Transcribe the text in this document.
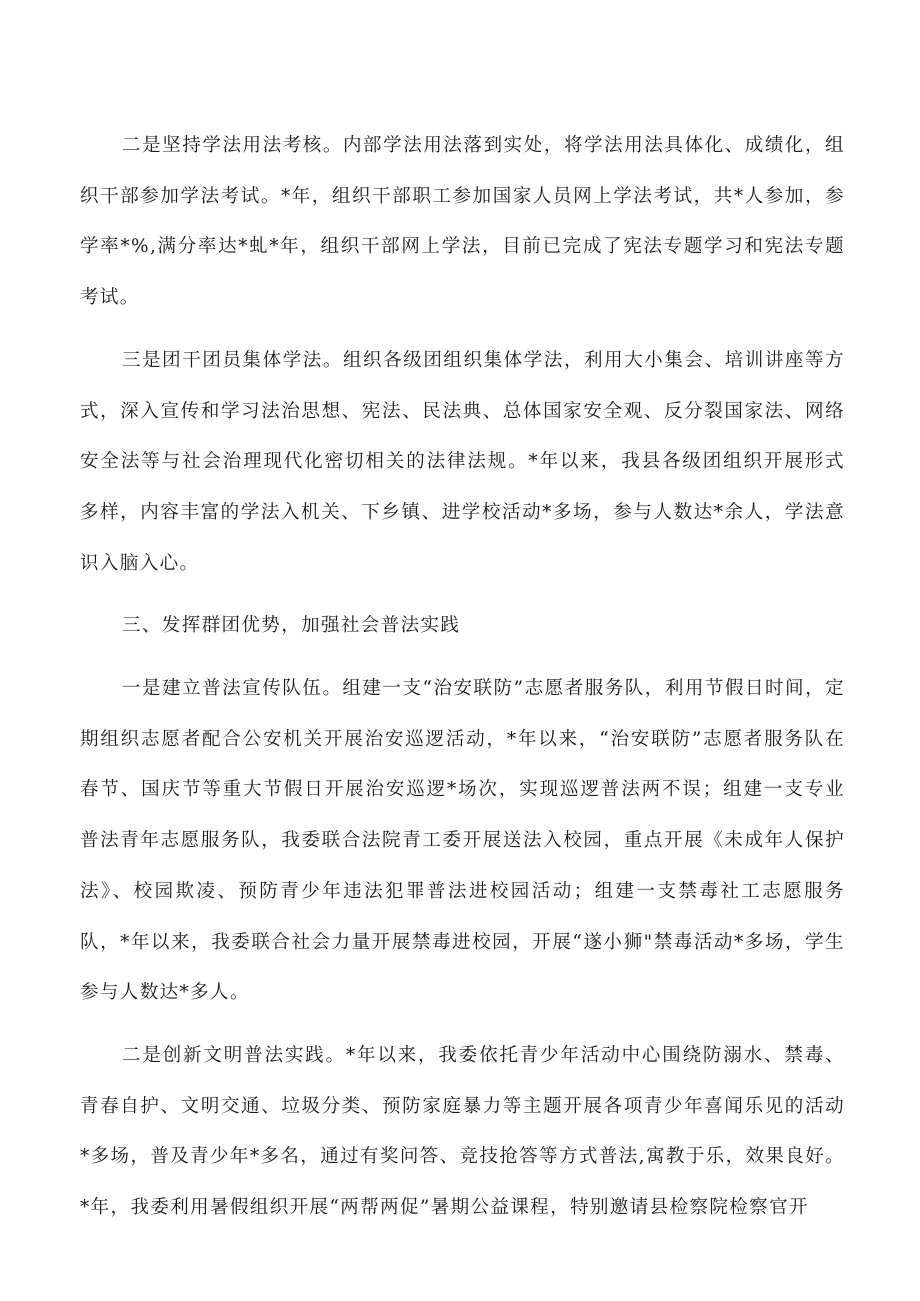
二是坚持学法用法考核。内部学法用法落到实处，将学法用法具体化、成绩化，组织干部参加学法考试。*年，组织干部职工参加国家人员网上学法考试，共*人参加，参学率*%,满分率达*虬*年，组织干部网上学法，目前已完成了宪法专题学习和宪法专题考试。

三是团干团员集体学法。组织各级团组织集体学法，利用大小集会、培训讲座等方式，深入宣传和学习法治思想、宪法、民法典、总体国家安全观、反分裂国家法、网络安全法等与社会治理现代化密切相关的法律法规。*年以来，我县各级团组织开展形式多样，内容丰富的学法入机关、下乡镇、进学校活动*多场，参与人数达*余人，学法意识入脑入心。

三、发挥群团优势，加强社会普法实践

一是建立普法宣传队伍。组建一支“治安联防”志愿者服务队，利用节假日时间，定期组织志愿者配合公安机关开展治安巡逻活动，*年以来，“治安联防”志愿者服务队在春节、国庆节等重大节假日开展治安巡逻*场次，实现巡逻普法两不误；组建一支专业普法青年志愿服务队，我委联合法院青工委开展送法入校园，重点开展《未成年人保护法》、校园欺凌、预防青少年违法犯罪普法进校园活动；组建一支禁毒社工志愿服务队，*年以来，我委联合社会力量开展禁毒进校园，开展“遂小狮"禁毒活动*多场，学生参与人数达*多人。

二是创新文明普法实践。*年以来，我委依托青少年活动中心围绕防溺水、禁毒、青春自护、文明交通、垃圾分类、预防家庭暴力等主题开展各项青少年喜闻乐见的活动*多场，普及青少年*多名，通过有奖问答、竞技抢答等方式普法,寓教于乐，效果良好。*年，我委利用暑假组织开展“两帮两促”暑期公益课程，特别邀请县检察院检察官开
